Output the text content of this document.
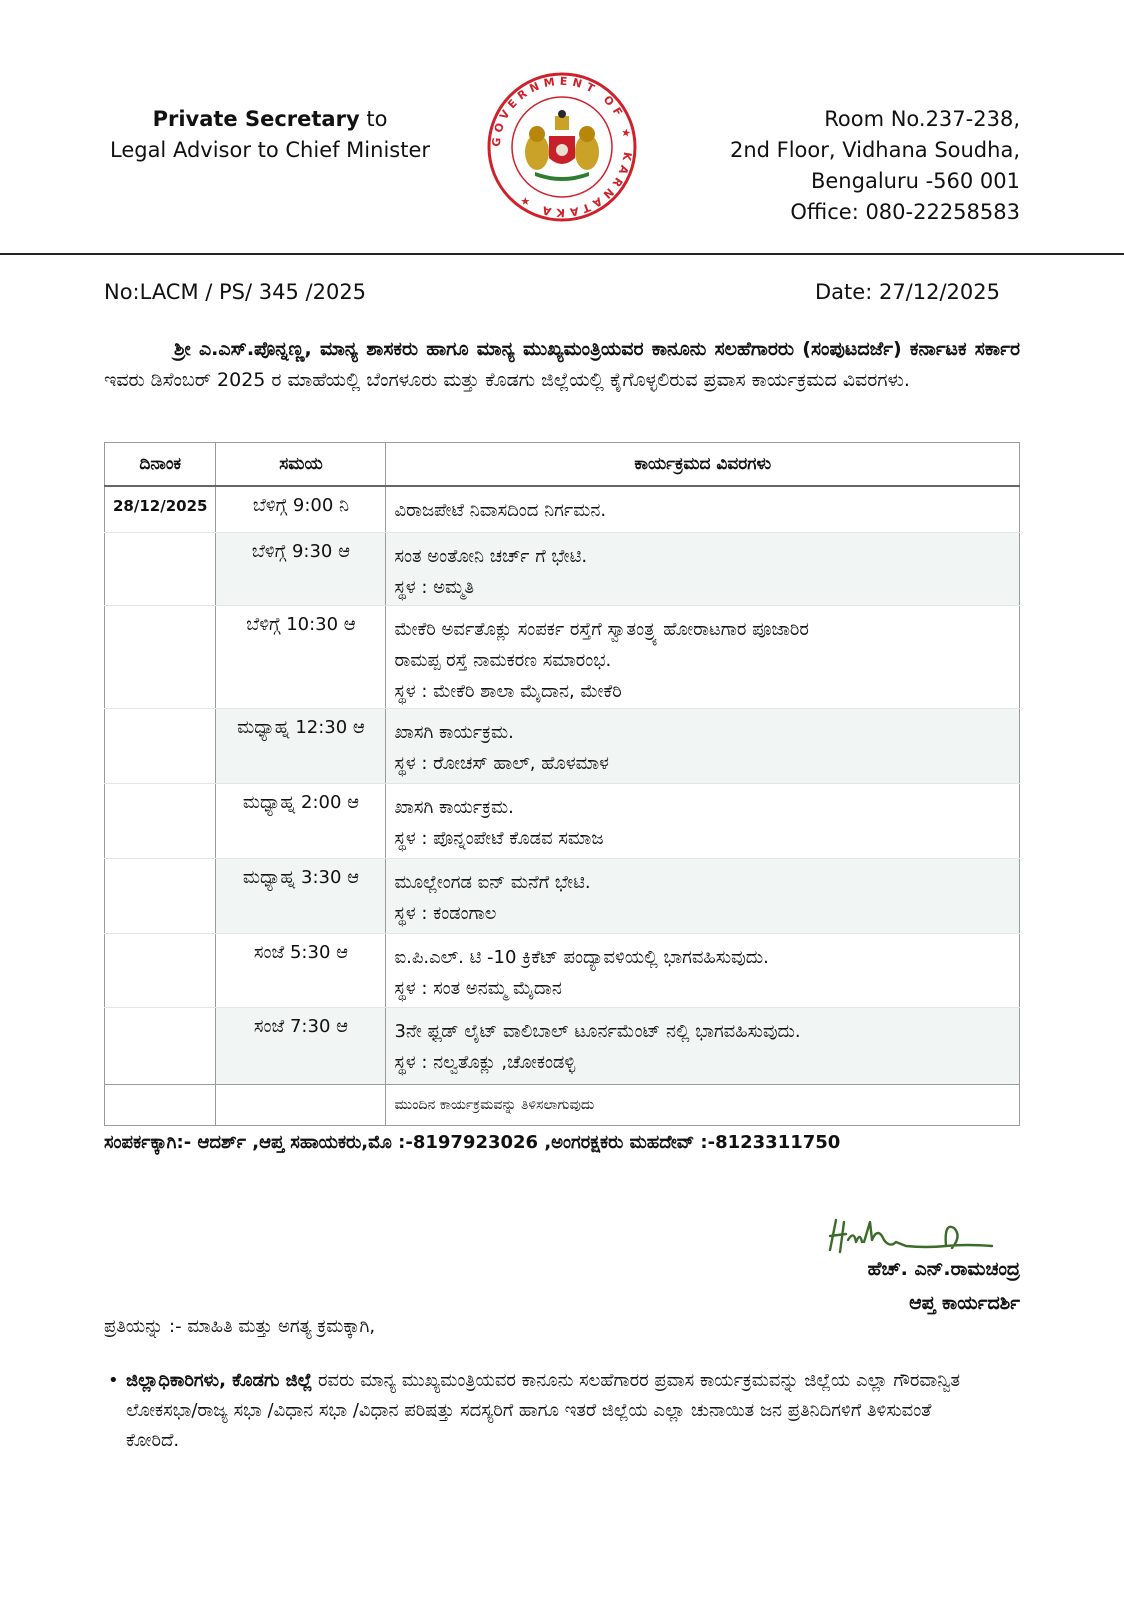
Private Secretary to
Legal Advisor to Chief Minister	GOVERNMENT OF ★ KARNATAKA ★
Room No.237-238,
2nd Floor, Vidhana Soudha,
Bengaluru -560 001
Office: 080-22258583
No:LACM / PS/ 345 /2025	Date: 27/12/2025
ಶ್ರೀ ಎ.ಎಸ್.ಪೊನ್ನಣ್ಣ, ಮಾನ್ಯ ಶಾಸಕರು ಹಾಗೂ ಮಾನ್ಯ ಮುಖ್ಯಮಂತ್ರಿಯವರ ಕಾನೂನು ಸಲಹೆಗಾರರು (ಸಂಪುಟದರ್ಜೆ) ಕರ್ನಾಟಕ ಸರ್ಕಾರ ಇವರು ಡಿಸೆಂಬರ್ 2025 ರ ಮಾಹೆಯಲ್ಲಿ ಬೆಂಗಳೂರು ಮತ್ತು ಕೊಡಗು ಜಿಲ್ಲೆಯಲ್ಲಿ ಕೈಗೊಳ್ಳಲಿರುವ ಪ್ರವಾಸ ಕಾರ್ಯಕ್ರಮದ ವಿವರಗಳು.
ದಿನಾಂಕ	ಸಮಯ	ಕಾರ್ಯಕ್ರಮದ ವಿವರಗಳು
28/12/2025	ಬೆಳಿಗ್ಗೆ 9:00 ನಿ	ವಿರಾಜಪೇಟೆ ನಿವಾಸದಿಂದ ನಿರ್ಗಮನ.

	ಬೆಳಿಗ್ಗೆ 9:30 ಆ	ಸಂತ ಅಂತೋನಿ ಚರ್ಚ್ ಗೆ ಭೇಟಿ.
ಸ್ಥಳ : ಅಮ್ಮತಿ

	ಬೆಳಿಗ್ಗೆ 10:30 ಆ	ಮೇಕೆರಿ ಅರ್ವತೊಕ್ಲು ಸಂಪರ್ಕ ರಸ್ತೆಗೆ ಸ್ವಾತಂತ್ರ್ಯ ಹೋರಾಟಗಾರ ಪೂಜಾರಿರ
ರಾಮಪ್ಪ ರಸ್ತೆ ನಾಮಕರಣ ಸಮಾರಂಭ.
ಸ್ಥಳ : ಮೇಕೆರಿ ಶಾಲಾ ಮೈದಾನ, ಮೇಕೆರಿ

	ಮಧ್ಯಾಹ್ನ 12:30 ಆ	ಖಾಸಗಿ ಕಾರ್ಯಕ್ರಮ.
ಸ್ಥಳ : ರೋಚಸ್ ಹಾಲ್, ಹೊಳಮಾಳ

	ಮಧ್ಯಾಹ್ನ 2:00 ಆ	ಖಾಸಗಿ ಕಾರ್ಯಕ್ರಮ.
ಸ್ಥಳ : ಪೊನ್ನಂಪೇಟೆ ಕೊಡವ ಸಮಾಜ

	ಮಧ್ಯಾಹ್ನ 3:30 ಆ	ಮೂಲ್ಲೇಂಗಡ ಐನ್ ಮನೆಗೆ ಭೇಟಿ.
ಸ್ಥಳ : ಕಂಡಂಗಾಲ

	ಸಂಜೆ 5:30 ಆ	ಐ.ಪಿ.ಎಲ್. ಟಿ -10 ಕ್ರಿಕೆಟ್ ಪಂದ್ಯಾವಳಿಯಲ್ಲಿ ಭಾಗವಹಿಸುವುದು.
ಸ್ಥಳ : ಸಂತ ಅನಮ್ಮ ಮೈದಾನ

	ಸಂಜೆ 7:30 ಆ	3ನೇ ಫ್ಲಡ್ ಲೈಟ್ ವಾಲಿಬಾಲ್ ಟೂರ್ನಮೆಂಟ್ ನಲ್ಲಿ ಭಾಗವಹಿಸುವುದು.
ಸ್ಥಳ : ನಲ್ವತೊಕ್ಲು ,ಚೋಕಂಡಳ್ಳಿ

		ಮುಂದಿನ ಕಾರ್ಯಕ್ರಮವನ್ನು ತಿಳಿಸಲಾಗುವುದು
ಸಂಪರ್ಕಕ್ಕಾಗಿ:- ಆದರ್ಶ್ ,ಆಪ್ತ ಸಹಾಯಕರು,ಮೊ :-8197923026 ,ಅಂಗರಕ್ಷಕರು ಮಹದೇವ್ :-8123311750
ಹೆಚ್. ಎನ್.ರಾಮಚಂದ್ರ
ಆಪ್ತ ಕಾರ್ಯದರ್ಶಿ
ಪ್ರತಿಯನ್ನು :- ಮಾಹಿತಿ ಮತ್ತು ಅಗತ್ಯ ಕ್ರಮಕ್ಕಾಗಿ,
• ಜಿಲ್ಲಾಧಿಕಾರಿಗಳು, ಕೊಡಗು ಜಿಲ್ಲೆ ರವರು ಮಾನ್ಯ ಮುಖ್ಯಮಂತ್ರಿಯವರ ಕಾನೂನು ಸಲಹೆಗಾರರ ಪ್ರವಾಸ ಕಾರ್ಯಕ್ರಮವನ್ನು ಜಿಲ್ಲೆಯ ಎಲ್ಲಾ ಗೌರವಾನ್ವಿತ ಲೋಕಸಭಾ/ರಾಜ್ಯ ಸಭಾ /ವಿಧಾನ ಸಭಾ /ವಿಧಾನ ಪರಿಷತ್ತು ಸದಸ್ಯರಿಗೆ ಹಾಗೂ ಇತರೆ ಜಿಲ್ಲೆಯ ಎಲ್ಲಾ ಚುನಾಯಿತ ಜನ ಪ್ರತಿನಿದಿಗಳಿಗೆ ತಿಳಿಸುವಂತೆ ಕೋರಿದೆ.
